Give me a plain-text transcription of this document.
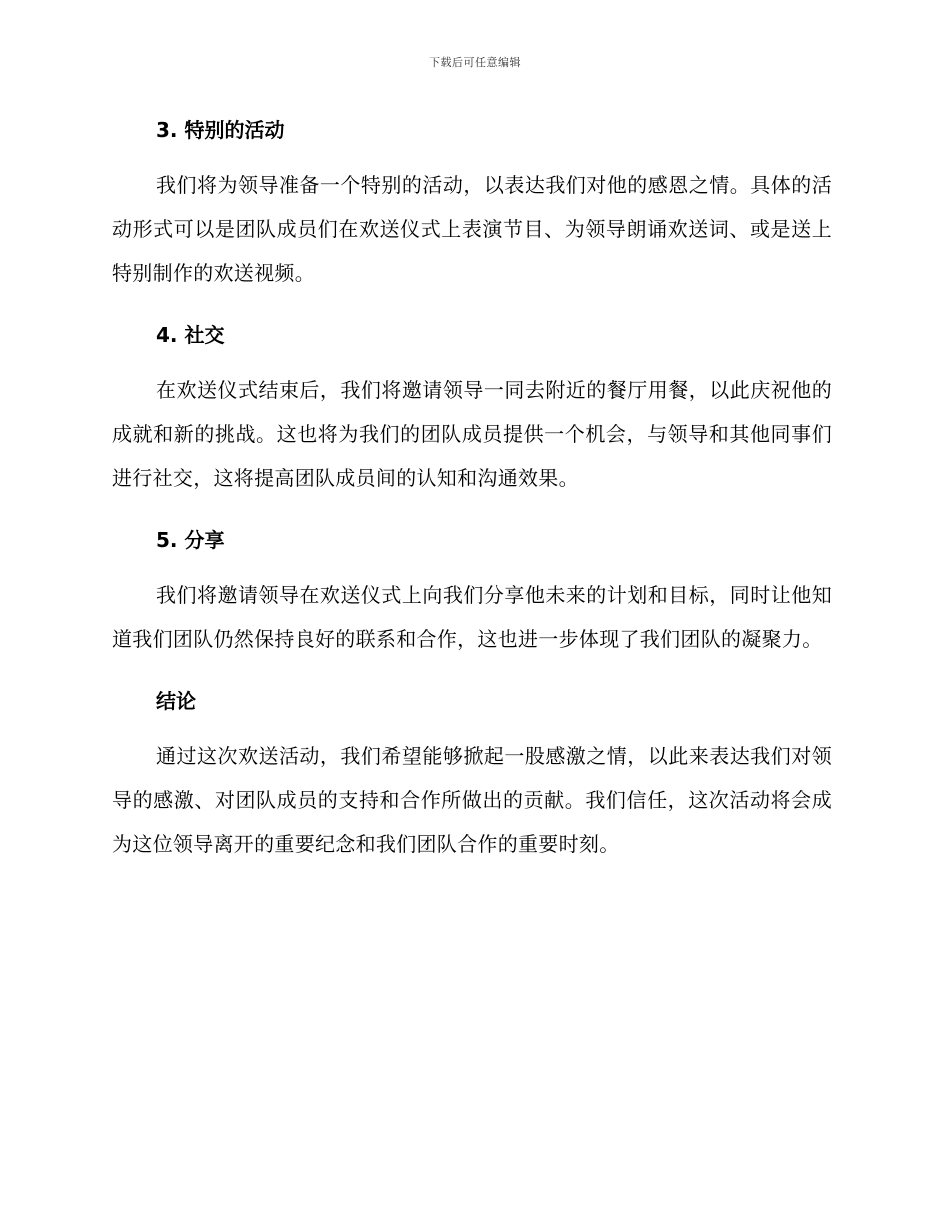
下载后可任意编辑
3. 特别的活动

我们将为领导准备一个特别的活动，以表达我们对他的感恩之情。具体的活动形式可以是团队成员们在欢送仪式上表演节目、为领导朗诵欢送词、或是送上特别制作的欢送视频。

4. 社交

在欢送仪式结束后，我们将邀请领导一同去附近的餐厅用餐，以此庆祝他的成就和新的挑战。这也将为我们的团队成员提供一个机会，与领导和其他同事们进行社交，这将提高团队成员间的认知和沟通效果。

5. 分享

我们将邀请领导在欢送仪式上向我们分享他未来的计划和目标，同时让他知道我们团队仍然保持良好的联系和合作，这也进一步体现了我们团队的凝聚力。

结论

通过这次欢送活动，我们希望能够掀起一股感激之情，以此来表达我们对领导的感激、对团队成员的支持和合作所做出的贡献。我们信任，这次活动将会成为这位领导离开的重要纪念和我们团队合作的重要时刻。
